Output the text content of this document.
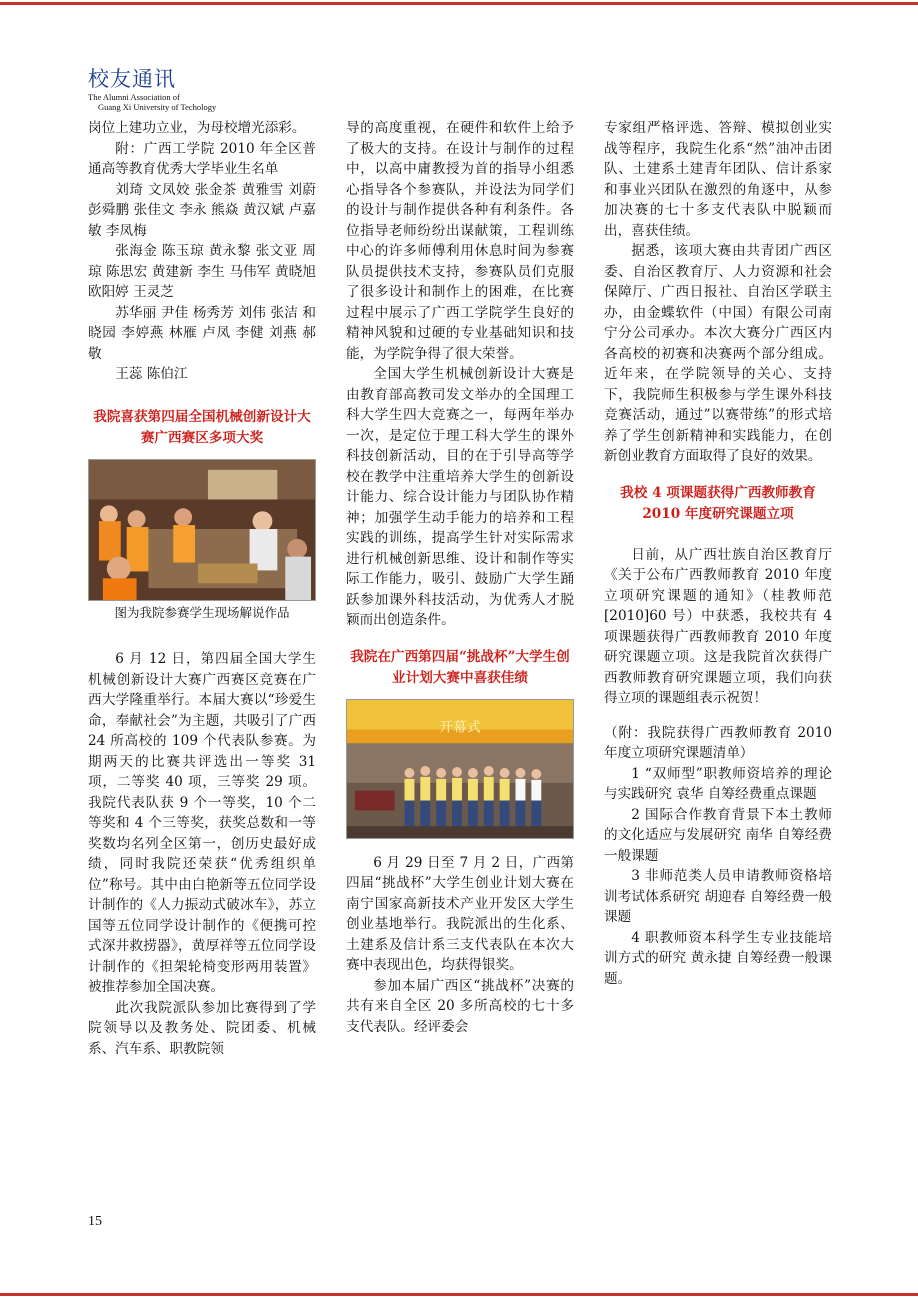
校友通讯
The Alumni Association of
Guang Xi University of Techology

岗位上建功立业，为母校增光添彩。

附：广西工学院 2010 年全区普通高等教育优秀大学毕业生名单

刘琦 文凤姣 张金茶 黄雅雪 刘蔚 彭舜鹏 张佳文 李永 熊焱 黄汉斌 卢嘉敏 李凤梅

张海金 陈玉琼 黄永黎 张文亚 周琼 陈思宏 黄建新 李生 马伟军 黄晓旭 欧阳婷 王灵芝

苏华丽 尹佳 杨秀芳 刘伟 张洁 和晓园 李婷燕 林雁 卢凤 李健 刘燕 郝敬

王蕊 陈伯江

我院喜获第四届全国机械创新设计大赛广西赛区多项大奖

图为我院参赛学生现场解说作品

6 月 12 日，第四届全国大学生机械创新设计大赛广西赛区竞赛在广西大学隆重举行。本届大赛以“珍爱生命，奉献社会”为主题，共吸引了广西 24 所高校的 109 个代表队参赛。为期两天的比赛共评选出一等奖 31 项，二等奖 40 项，三等奖 29 项。我院代表队获 9 个一等奖，10 个二等奖和 4 个三等奖，获奖总数和一等奖数均名列全区第一，创历史最好成绩，同时我院还荣获“优秀组织单位”称号。其中由白艳新等五位同学设计制作的《人力振动式破冰车》，苏立国等五位同学设计制作的《便携可控式深井救捞器》，黄厚祥等五位同学设计制作的《担架轮椅变形两用装置》被推荐参加全国决赛。

此次我院派队参加比赛得到了学院领导以及教务处、院团委、机械系、汽车系、职教院领

导的高度重视，在硬件和软件上给予了极大的支持。在设计与制作的过程中，以高中庸教授为首的指导小组悉心指导各个参赛队，并设法为同学们的设计与制作提供各种有利条件。各位指导老师纷纷出谋献策，工程训练中心的许多师傅利用休息时间为参赛队员提供技术支持，参赛队员们克服了很多设计和制作上的困难，在比赛过程中展示了广西工学院学生良好的精神风貌和过硬的专业基础知识和技能，为学院争得了很大荣誉。

全国大学生机械创新设计大赛是由教育部高教司发文举办的全国理工科大学生四大竞赛之一，每两年举办一次，是定位于理工科大学生的课外科技创新活动，目的在于引导高等学校在教学中注重培养大学生的创新设计能力、综合设计能力与团队协作精神；加强学生动手能力的培养和工程实践的训练，提高学生针对实际需求进行机械创新思维、设计和制作等实际工作能力，吸引、鼓励广大学生踊跃参加课外科技活动，为优秀人才脱颖而出创造条件。

我院在广西第四届“挑战杯”大学生创业计划大赛中喜获佳绩

开幕式

6 月 29 日至 7 月 2 日，广西第四届“挑战杯”大学生创业计划大赛在南宁国家高新技术产业开发区大学生创业基地举行。我院派出的生化系、土建系及信计系三支代表队在本次大赛中表现出色，均获得银奖。

参加本届广西区“挑战杯”决赛的共有来自全区 20 多所高校的七十多支代表队。经评委会

专家组严格评选、答辩、模拟创业实战等程序，我院生化系“然”油冲击团队、土建系土建青年团队、信计系家和事业兴团队在激烈的角逐中，从参加决赛的七十多支代表队中脱颖而出，喜获佳绩。

据悉，该项大赛由共青团广西区委、自治区教育厅、人力资源和社会保障厅、广西日报社、自治区学联主办，由金蝶软件（中国）有限公司南宁分公司承办。本次大赛分广西区内各高校的初赛和决赛两个部分组成。近年来，在学院领导的关心、支持下，我院师生积极参与学生课外科技竞赛活动，通过”以赛带练”的形式培养了学生创新精神和实践能力，在创新创业教育方面取得了良好的效果。

我校 4 项课题获得广西教师教育 2010 年度研究课题立项

日前，从广西壮族自治区教育厅《关于公布广西教师教育 2010 年度立项研究课题的通知》（桂教师范[2010]60 号）中获悉，我校共有 4 项课题获得广西教师教育 2010 年度研究课题立项。这是我院首次获得广西教师教育研究课题立项，我们向获得立项的课题组表示祝贺！

（附：我院获得广西教师教育 2010 年度立项研究课题清单）

1 “双师型”职教师资培养的理论与实践研究 袁华 自筹经费重点课题

2 国际合作教育背景下本土教师的文化适应与发展研究 南华 自筹经费一般课题

3 非师范类人员申请教师资格培训考试体系研究 胡迎春 自筹经费一般课题

4 职教师资本科学生专业技能培训方式的研究 黄永捷 自筹经费一般课题。

15
